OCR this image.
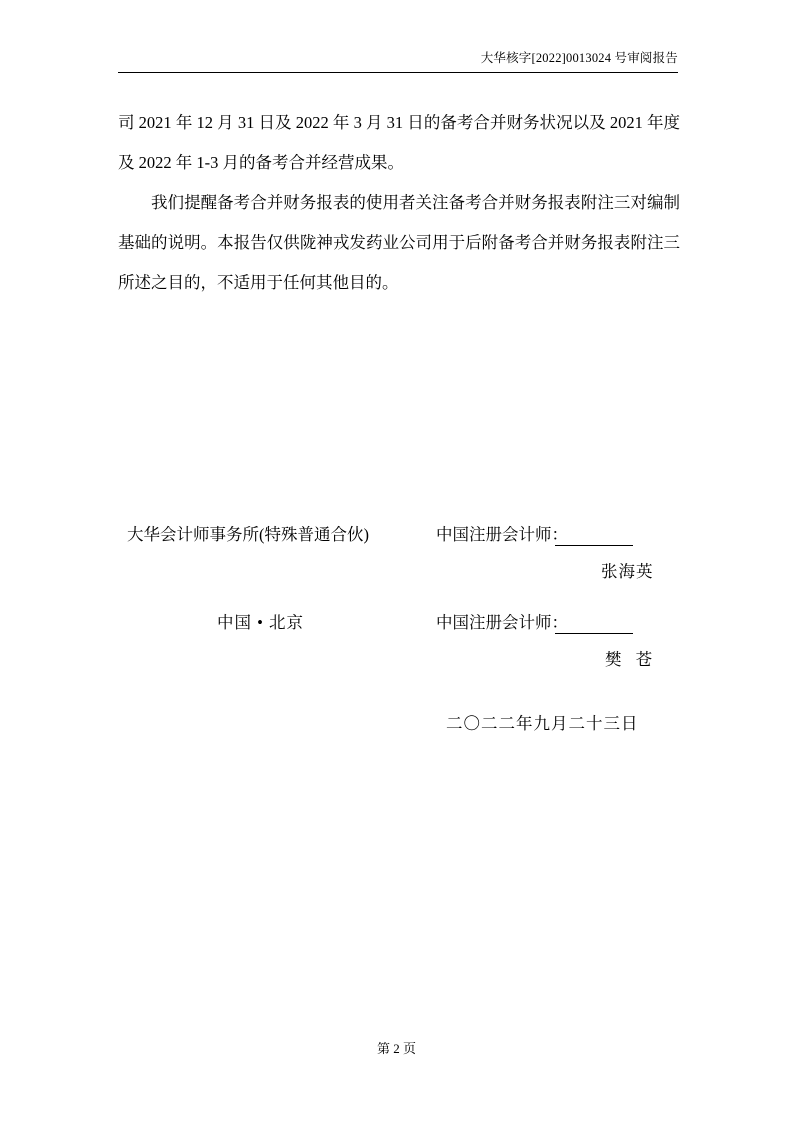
大华核字[2022]0013024 号审阅报告

司 2021 年 12 月 31 日及 2022 年 3 月 31 日的备考合并财务状况以及 2021 年度及 2022 年 1-3 月的备考合并经营成果。

我们提醒备考合并财务报表的使用者关注备考合并财务报表附注三对编制基础的说明。本报告仅供陇神戎发药业公司用于后附备考合并财务报表附注三所述之目的，不适用于任何其他目的。

大华会计师事务所(特殊普通合伙)	中国注册会计师：
张海英
中国 • 北京	中国注册会计师：
樊 苍
二〇二二年九月二十三日
第 2 页
